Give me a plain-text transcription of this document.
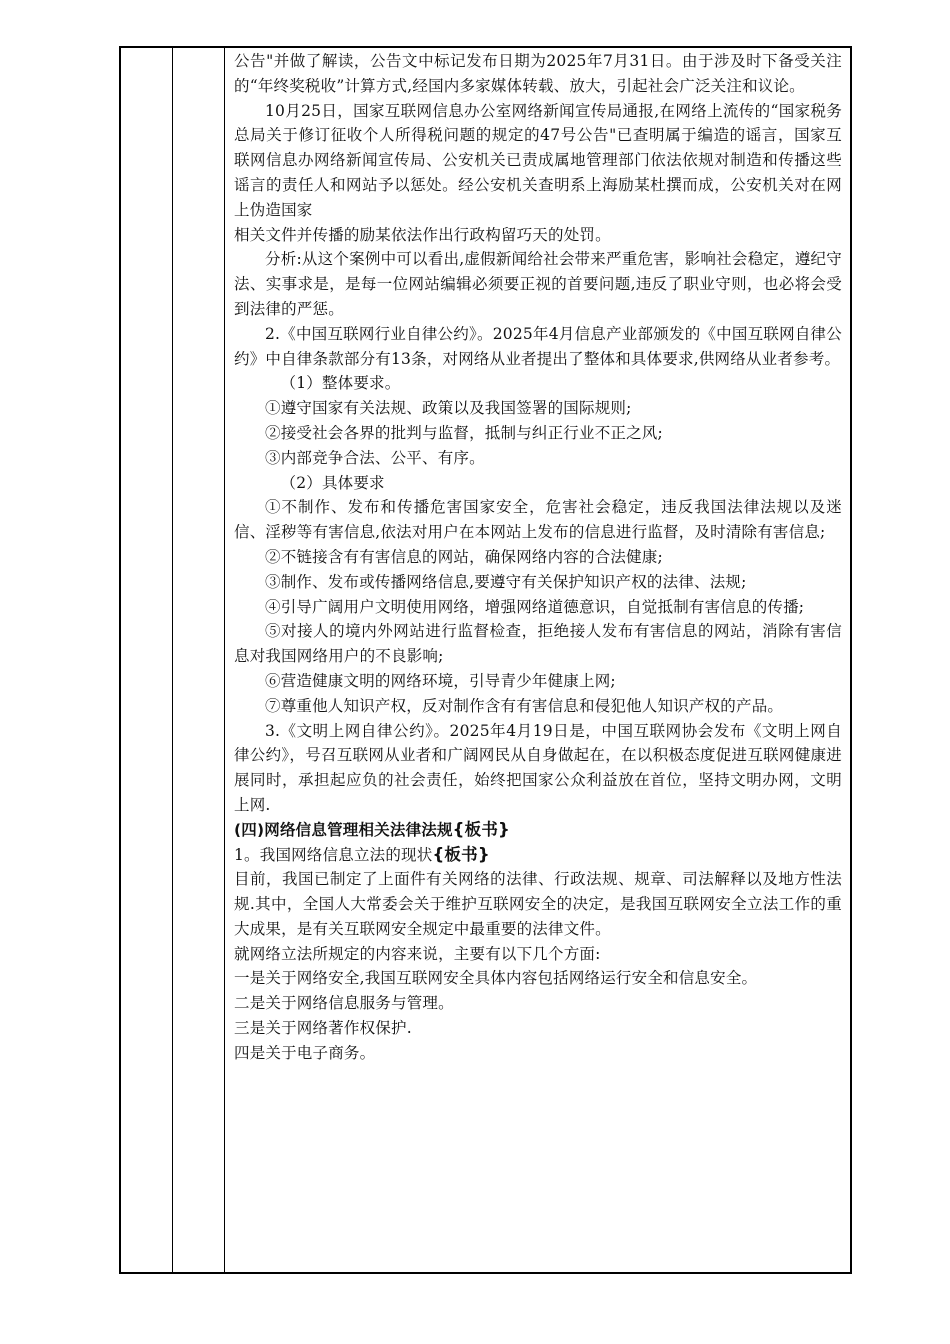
公告"并做了解读，公告文中标记发布日期为2025年7月31日。由于涉及时下备受关注的“年终奖税收”计算方式,经国内多家媒体转载、放大，引起社会广泛关注和议论。

10月25日，国家互联网信息办公室网络新闻宣传局通报,在网络上流传的“国家税务总局关于修订征收个人所得税问题的规定的47号公告"已查明属于编造的谣言，国家互联网信息办网络新闻宣传局、公安机关已责成属地管理部门依法依规对制造和传播这些谣言的责任人和网站予以惩处。经公安机关查明系上海励某杜撰而成，公安机关对在网上伪造国家

相关文件并传播的励某依法作出行政构留巧天的处罚。

分析:从这个案例中可以看出,虚假新闻给社会带来严重危害，影响社会稳定，遵纪守法、实事求是，是每一位网站编辑必须要正视的首要问题,违反了职业守则，也必将会受到法律的严惩。

2.《中国互联网行业自律公约》。2025年4月信息产业部颁发的《中国互联网自律公约》中自律条款部分有13条，对网络从业者提出了整体和具体要求,供网络从业者参考。

（1）整体要求。

①遵守国家有关法规、政策以及我国签署的国际规则;

②接受社会各界的批判与监督，抵制与纠正行业不正之风;

③内部竞争合法、公平、有序。

（2）具体要求

①不制作、发布和传播危害国家安全，危害社会稳定，违反我国法律法规以及迷信、淫秽等有害信息,依法对用户在本网站上发布的信息进行监督，及时清除有害信息;

②不链接含有有害信息的网站，确保网络内容的合法健康;

③制作、发布或传播网络信息,要遵守有关保护知识产权的法律、法规;

④引导广阔用户文明使用网络，增强网络道德意识，自觉抵制有害信息的传播;

⑤对接人的境内外网站进行监督检查，拒绝接人发布有害信息的网站，消除有害信息对我国网络用户的不良影响;

⑥营造健康文明的网络环境，引导青少年健康上网;

⑦尊重他人知识产权，反对制作含有有害信息和侵犯他人知识产权的产品。

3.《文明上网自律公约》。2025年4月19日是，中国互联网协会发布《文明上网自律公约》，号召互联网从业者和广阔网民从自身做起在，在以积极态度促进互联网健康进展同时，承担起应负的社会责任，始终把国家公众利益放在首位，坚持文明办网，文明上网.

(四)网络信息管理相关法律法规{板书}

1。我国网络信息立法的现状{板书}

目前，我国已制定了上面件有关网络的法律、行政法规、规章、司法解释以及地方性法规.其中，全国人大常委会关于维护互联网安全的决定，是我国互联网安全立法工作的重大成果，是有关互联网安全规定中最重要的法律文件。

就网络立法所规定的内容来说，主要有以下几个方面:

一是关于网络安全,我国互联网安全具体内容包括网络运行安全和信息安全。

二是关于网络信息服务与管理。

三是关于网络著作权保护.

四是关于电子商务。
